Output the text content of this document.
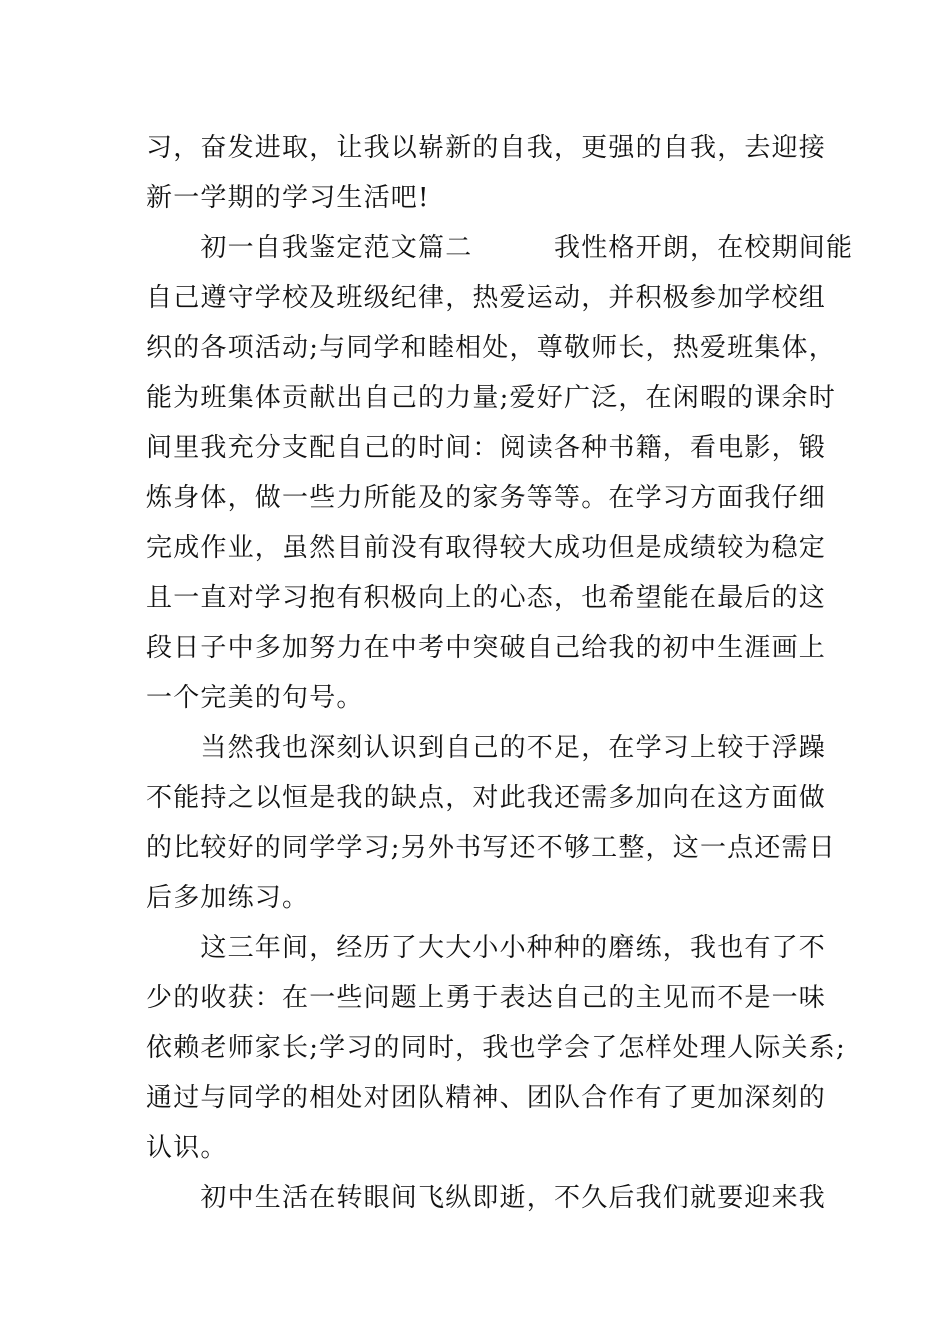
习，奋发进取，让我以崭新的自我，更强的自我，去迎接
新一学期的学习生活吧!
　　初一自我鉴定范文篇二　　　我性格开朗，在校期间能
自己遵守学校及班级纪律，热爱运动，并积极参加学校组
织的各项活动;与同学和睦相处，尊敬师长，热爱班集体，
能为班集体贡献出自己的力量;爱好广泛，在闲暇的课余时
间里我充分支配自己的时间：阅读各种书籍，看电影，锻
炼身体，做一些力所能及的家务等等。在学习方面我仔细
完成作业，虽然目前没有取得较大成功但是成绩较为稳定
且一直对学习抱有积极向上的心态，也希望能在最后的这
段日子中多加努力在中考中突破自己给我的初中生涯画上
一个完美的句号。
　　当然我也深刻认识到自己的不足，在学习上较于浮躁
不能持之以恒是我的缺点，对此我还需多加向在这方面做
的比较好的同学学习;另外书写还不够工整，这一点还需日
后多加练习。
　　这三年间，经历了大大小小种种的磨练，我也有了不
少的收获：在一些问题上勇于表达自己的主见而不是一味
依赖老师家长;学习的同时，我也学会了怎样处理人际关系;
通过与同学的相处对团队精神、团队合作有了更加深刻的
认识。
　　初中生活在转眼间飞纵即逝，不久后我们就要迎来我
